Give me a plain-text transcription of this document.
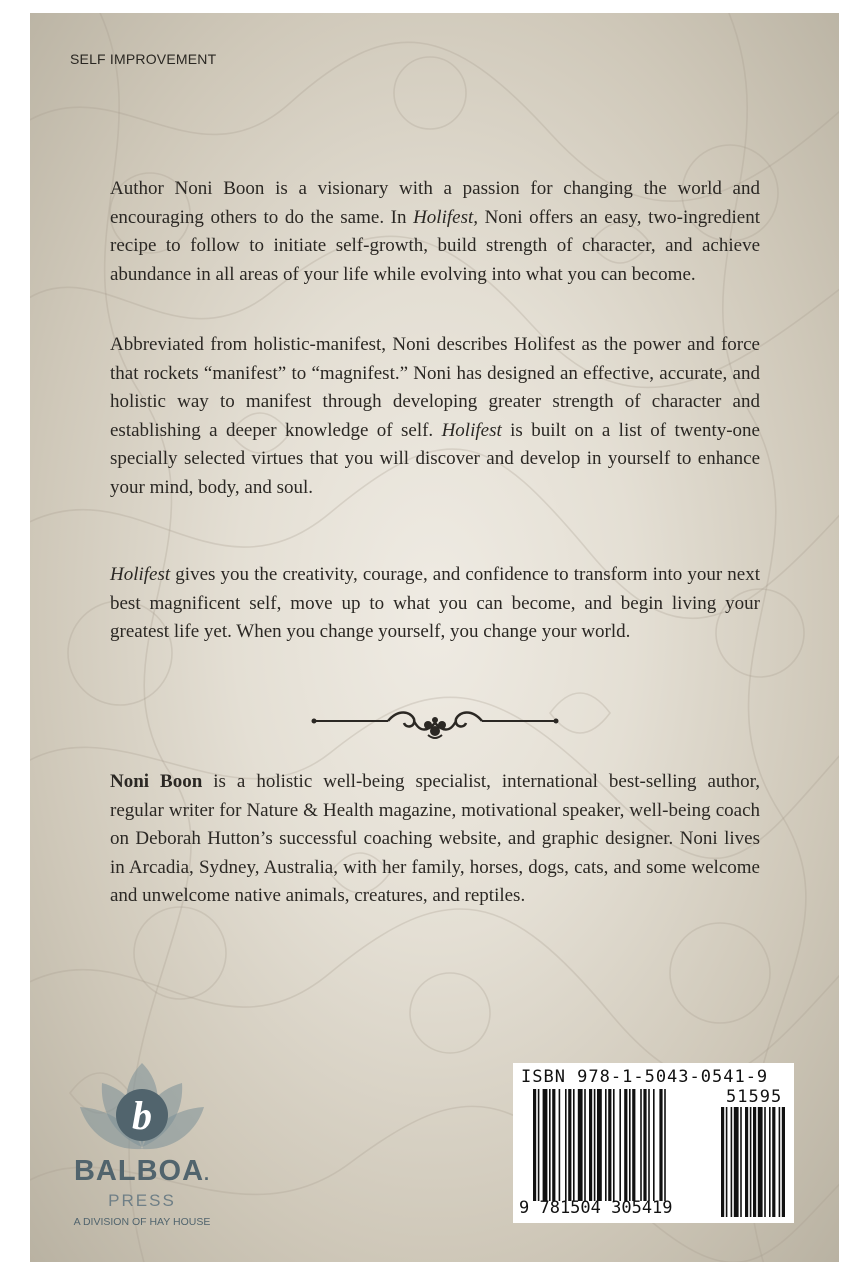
SELF IMPROVEMENT

Author Noni Boon is a visionary with a passion for changing the world and encouraging others to do the same. In Holifest, Noni offers an easy, two-ingredient recipe to follow to initiate self-growth, build strength of character, and achieve abundance in all areas of your life while evolving into what you can become.

Abbreviated from holistic-manifest, Noni describes Holifest as the power and force that rockets “manifest” to “magnifest.” Noni has designed an effective, accurate, and holistic way to manifest through developing greater strength of character and establishing a deeper knowledge of self. Holifest is built on a list of twenty-one specially selected virtues that you will discover and develop in yourself to enhance your mind, body, and soul.

Holifest gives you the creativity, courage, and confidence to transform into your next best magnificent self, move up to what you can become, and begin living your greatest life yet. When you change yourself, you change your world.

Noni Boon is a holistic well-being specialist, international best-selling author, regular writer for Nature & Health magazine, motivational speaker, well-being coach on Deborah Hutton’s successful coaching website, and graphic designer. Noni lives in Arcadia, Sydney, Australia, with her family, horses, dogs, cats, and some welcome and unwelcome native animals, creatures, and reptiles.

b
BALBOA.
PRESS
A DIVISION OF HAY HOUSE
ISBN 978-1-5043-0541-9
51595
9 781504 305419
